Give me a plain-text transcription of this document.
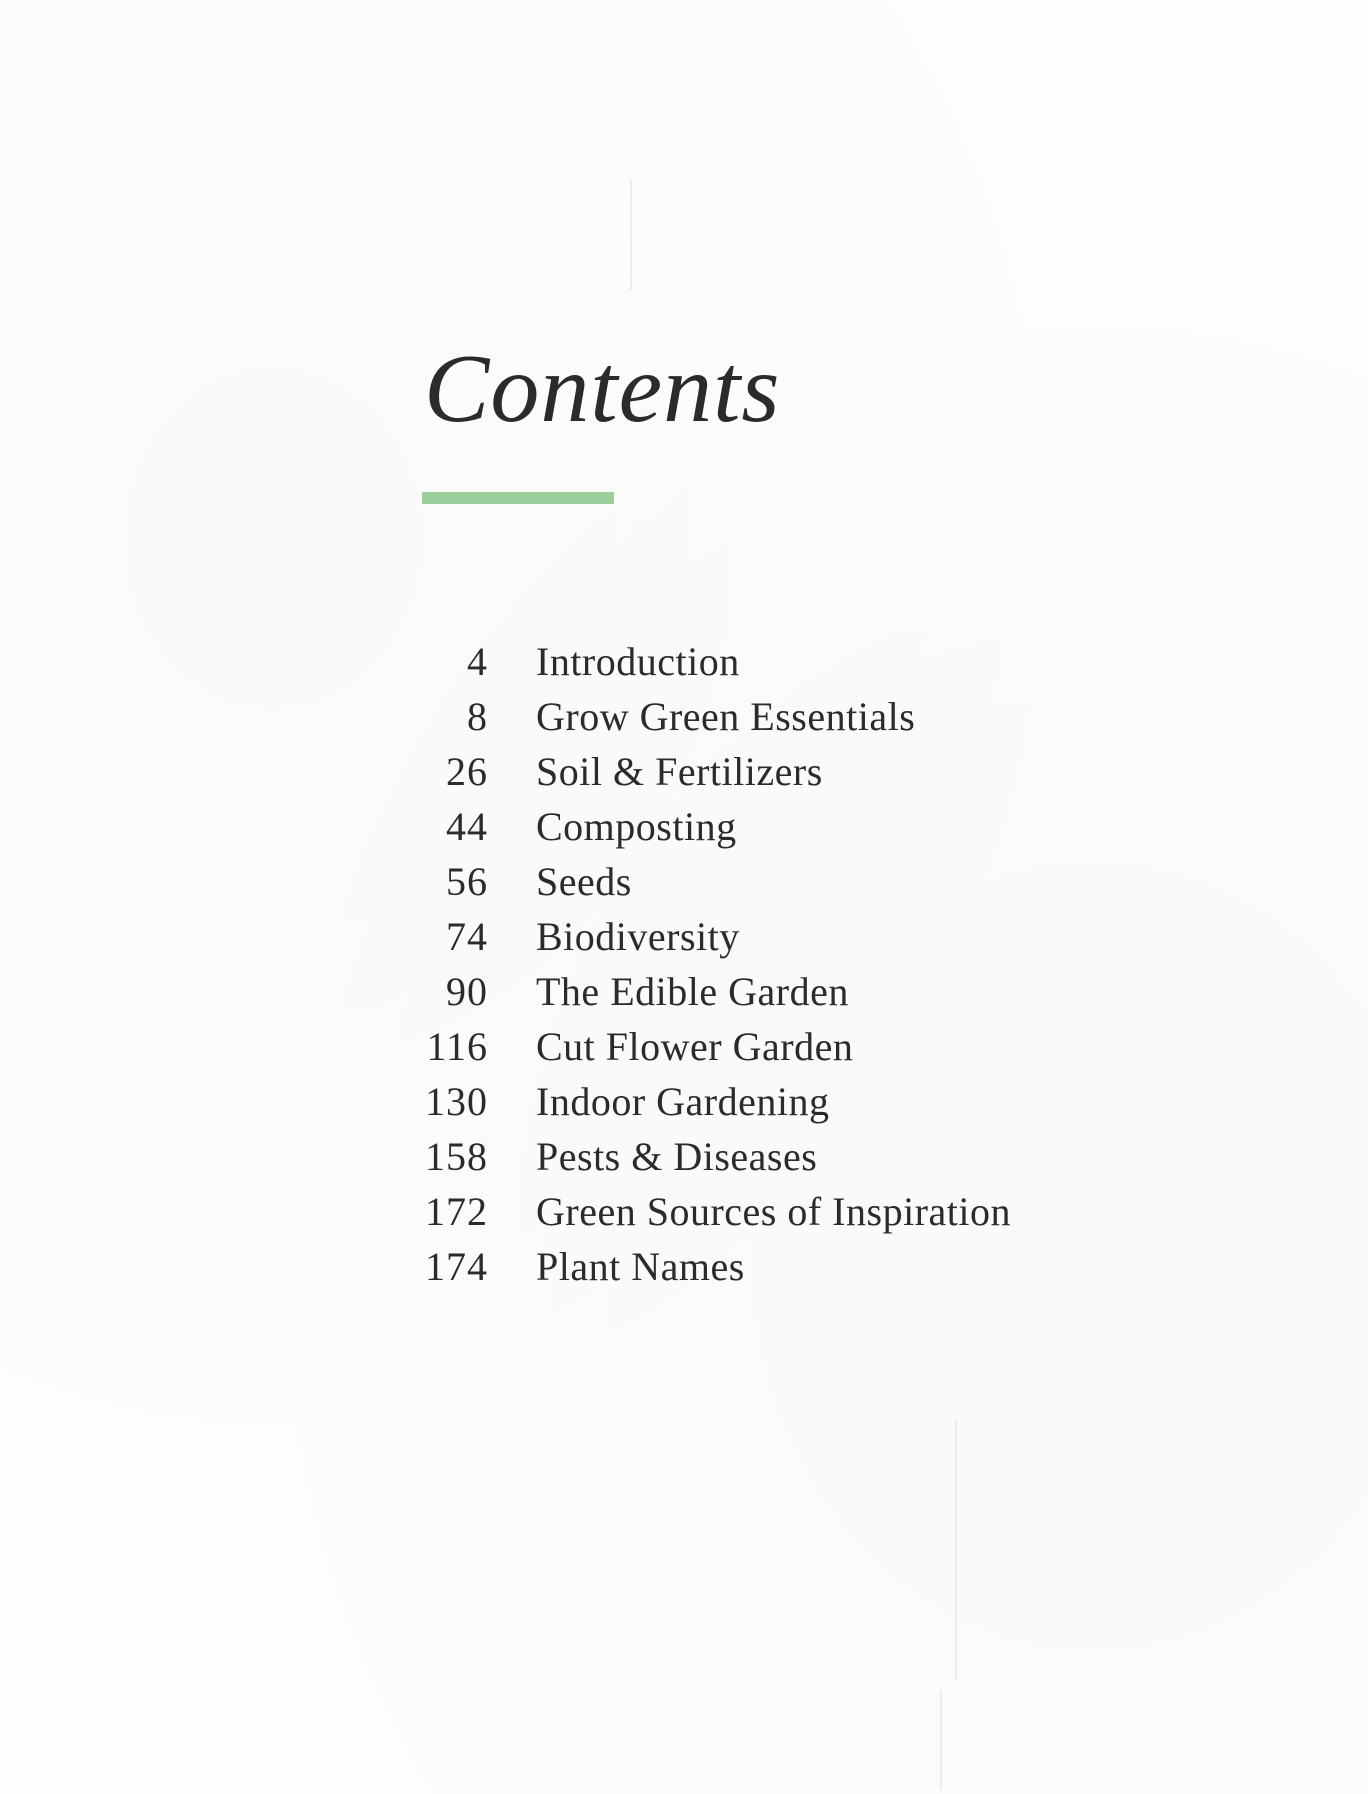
Contents
4 Introduction
8 Grow Green Essentials
26 Soil & Fertilizers
44 Composting
56 Seeds
74 Biodiversity
90 The Edible Garden
116 Cut Flower Garden
130 Indoor Gardening
158 Pests & Diseases
172 Green Sources of Inspiration
174 Plant Names
